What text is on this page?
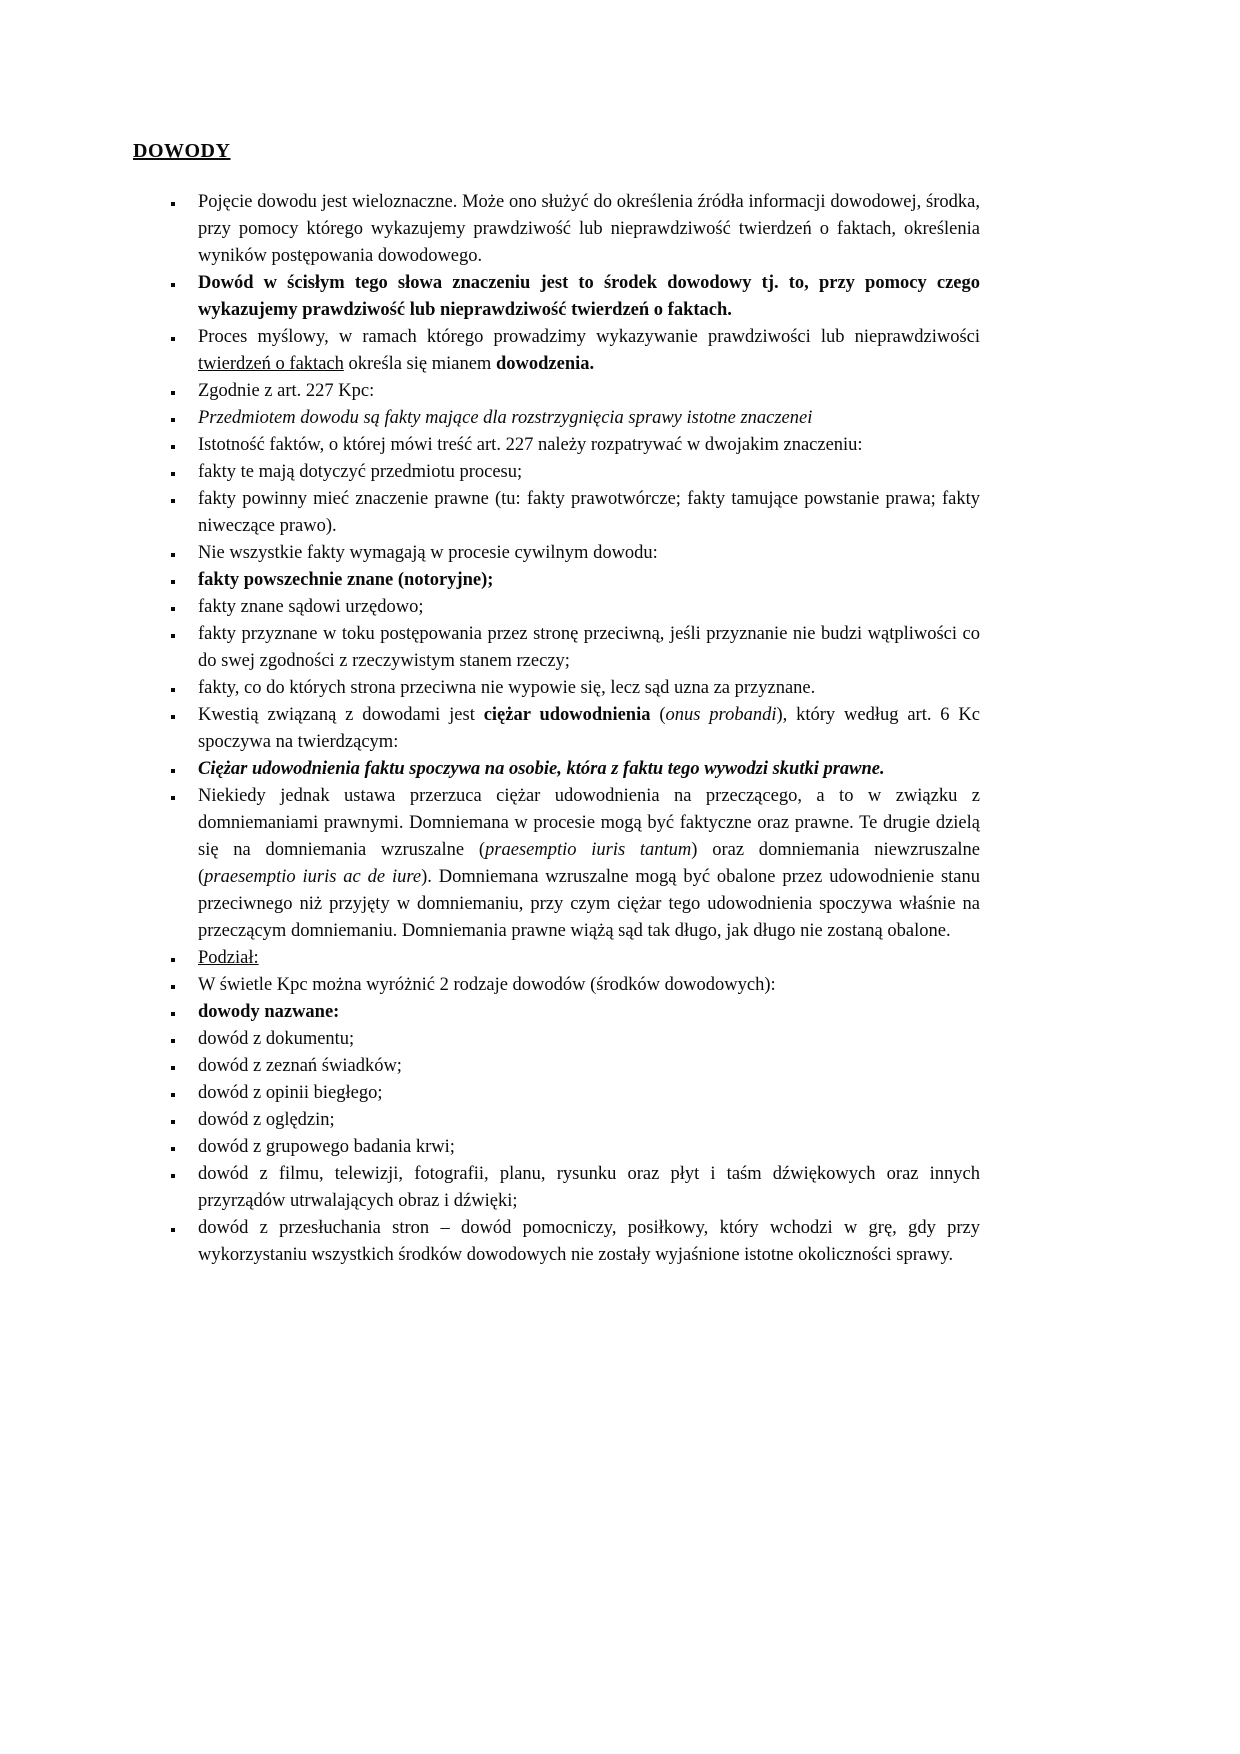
DOWODY
▪ Pojęcie dowodu jest wieloznaczne. Może ono służyć do określenia źródła informacji dowodowej, środka, przy pomocy którego wykazujemy prawdziwość lub nieprawdziwość twierdzeń o faktach, określenia wyników postępowania dowodowego.
▪ Dowód w ścisłym tego słowa znaczeniu jest to środek dowodowy tj. to, przy pomocy czego wykazujemy prawdziwość lub nieprawdziwość twierdzeń o faktach.
▪ Proces myślowy, w ramach którego prowadzimy wykazywanie prawdziwości lub nieprawdziwości twierdzeń o faktach określa się mianem dowodzenia.
▪ Zgodnie z art. 227 Kpc:
▪ Przedmiotem dowodu są fakty mające dla rozstrzygnięcia sprawy istotne znaczenei
▪ Istotność faktów, o której mówi treść art. 227 należy rozpatrywać w dwojakim znaczeniu:
▪ fakty te mają dotyczyć przedmiotu procesu;
▪ fakty powinny mieć znaczenie prawne (tu: fakty prawotwórcze; fakty tamujące powstanie prawa; fakty niweczące prawo).
▪ Nie wszystkie fakty wymagają w procesie cywilnym dowodu:
▪ fakty powszechnie znane (notoryjne);
▪ fakty znane sądowi urzędowo;
▪ fakty przyznane w toku postępowania przez stronę przeciwną, jeśli przyznanie nie budzi wątpliwości co do swej zgodności z rzeczywistym stanem rzeczy;
▪ fakty, co do których strona przeciwna nie wypowie się, lecz sąd uzna za przyznane.
▪ Kwestią związaną z dowodami jest ciężar udowodnienia (onus probandi), który według art. 6 Kc spoczywa na twierdzącym:
▪ Ciężar udowodnienia faktu spoczywa na osobie, która z faktu tego wywodzi skutki prawne.
▪ Niekiedy jednak ustawa przerzuca ciężar udowodnienia na przeczącego, a to w związku z domniemaniami prawnymi. Domniemana w procesie mogą być faktyczne oraz prawne. Te drugie dzielą się na domniemania wzruszalne (praesemptio iuris tantum) oraz domniemania niewzruszalne (praesemptio iuris ac de iure). Domniemana wzruszalne mogą być obalone przez udowodnienie stanu przeciwnego niż przyjęty w domniemaniu, przy czym ciężar tego udowodnienia spoczywa właśnie na przeczącym domniemaniu. Domniemania prawne wiążą sąd tak długo, jak długo nie zostaną obalone.
▪ Podział:
▪ W świetle Kpc można wyróżnić 2 rodzaje dowodów (środków dowodowych):
▪ dowody nazwane:
▪ dowód z dokumentu;
▪ dowód z zeznań świadków;
▪ dowód z opinii biegłego;
▪ dowód z oględzin;
▪ dowód z grupowego badania krwi;
▪ dowód z filmu, telewizji, fotografii, planu, rysunku oraz płyt i taśm dźwiękowych oraz innych przyrządów utrwalających obraz i dźwięki;
▪ dowód z przesłuchania stron – dowód pomocniczy, posiłkowy, który wchodzi w grę, gdy przy wykorzystaniu wszystkich środków dowodowych nie zostały wyjaśnione istotne okoliczności sprawy.
